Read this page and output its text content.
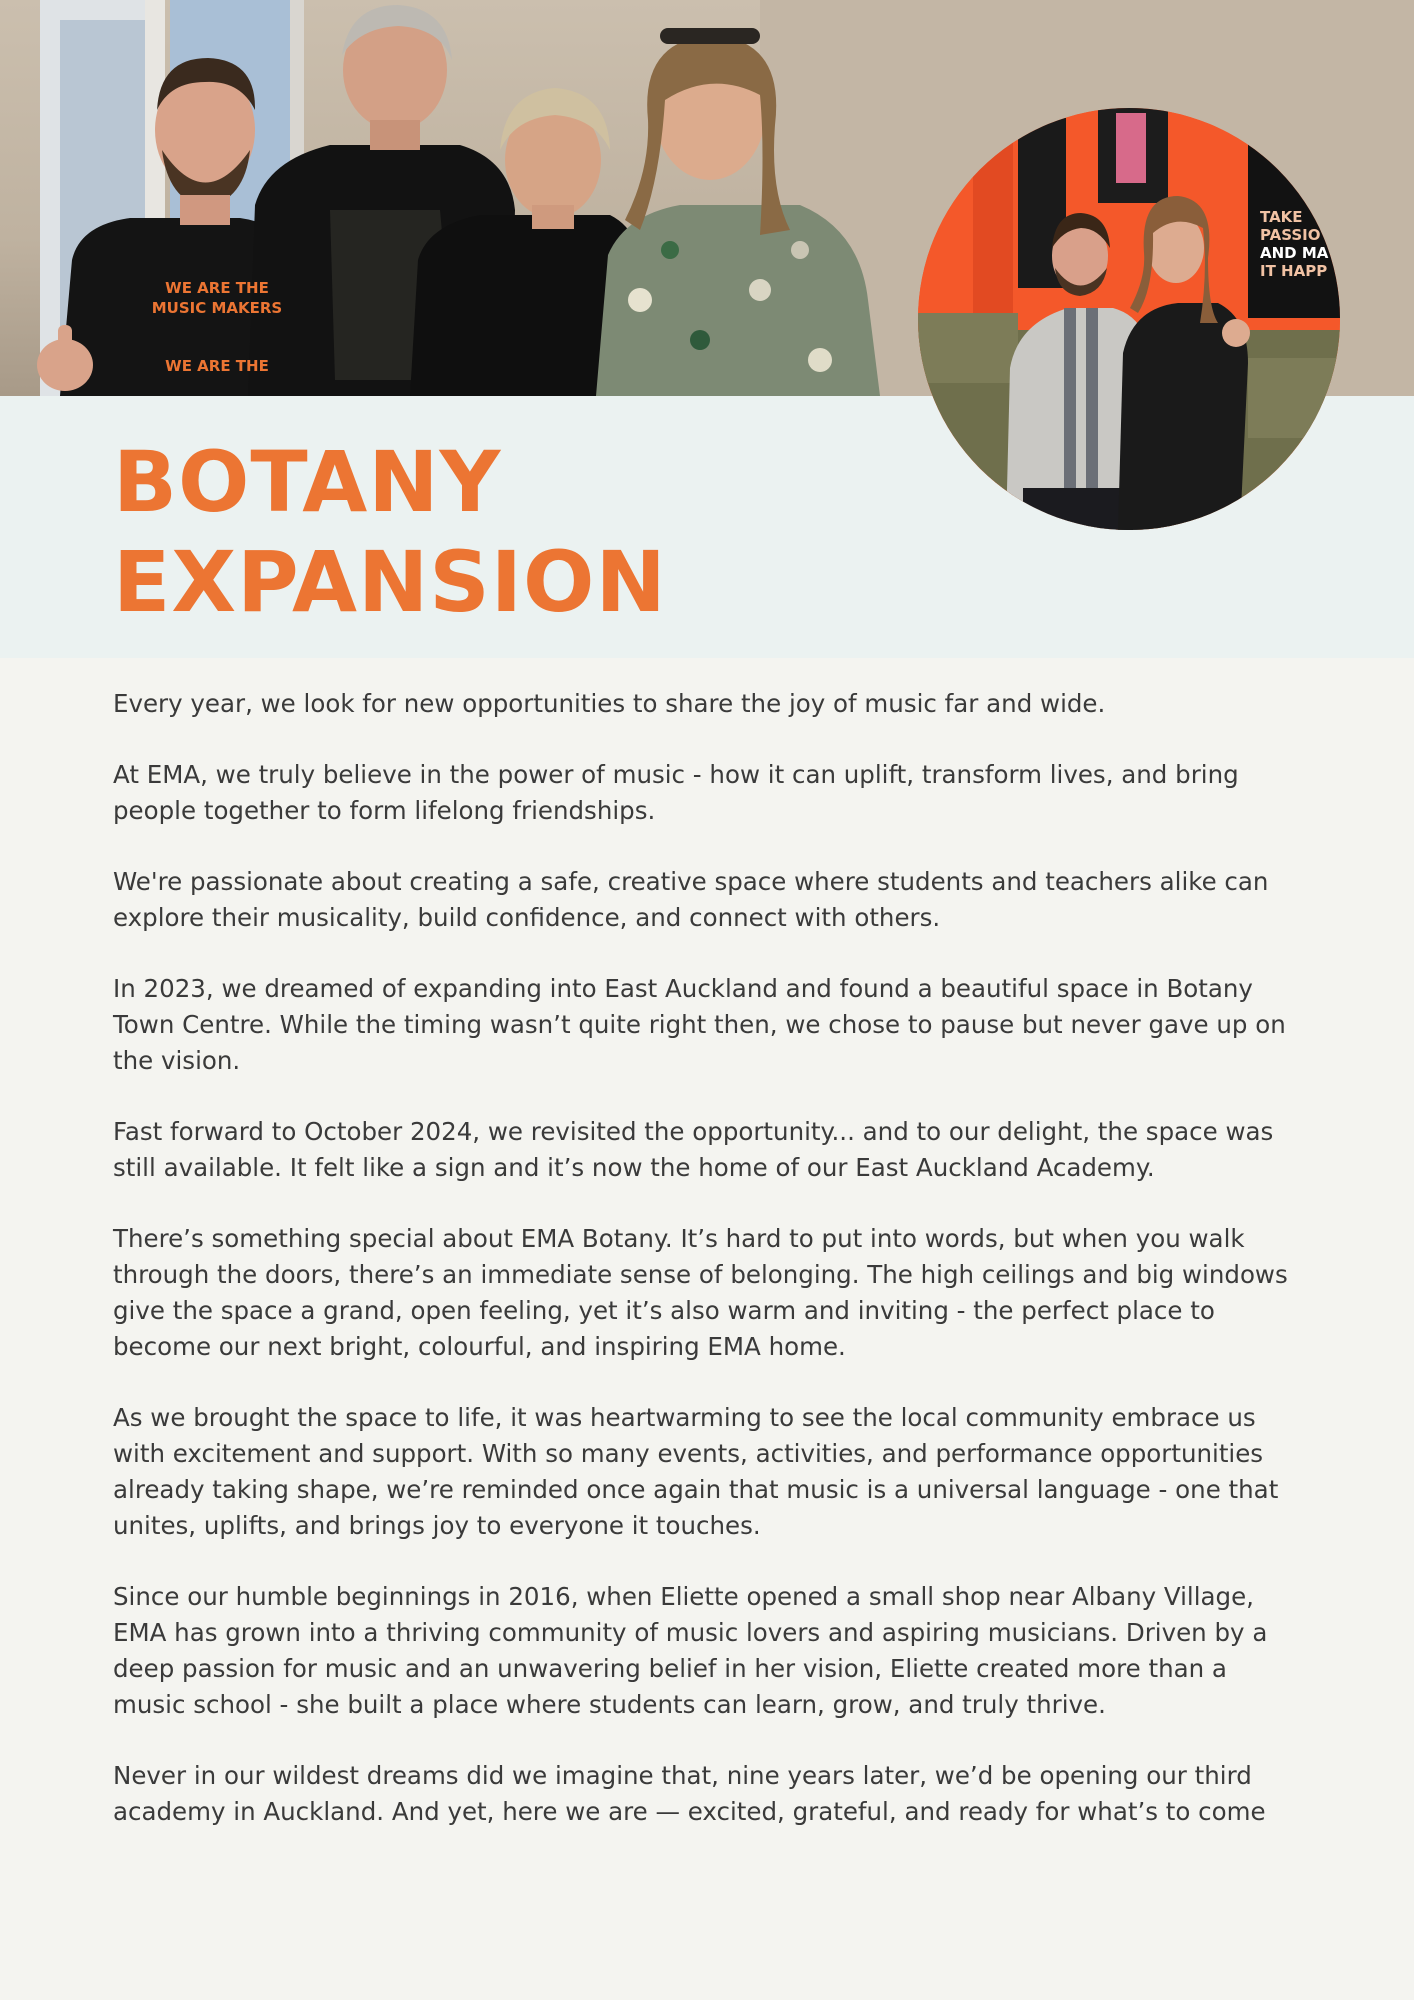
WE ARE THE
MUSIC MAKERS
WE ARE THE
BOTANY
EXPANSION
TAKE
PASSIO
AND MA
IT HAPP

Every year, we look for new opportunities to share the joy of music far and wide.

At EMA, we truly believe in the power of music - how it can uplift, transform lives, and bring people together to form lifelong friendships.

We're passionate about creating a safe, creative space where students and teachers alike can explore their musicality, build confidence, and connect with others.

In 2023, we dreamed of expanding into East Auckland and found a beautiful space in Botany Town Centre. While the timing wasn’t quite right then, we chose to pause but never gave up on the vision.

Fast forward to October 2024, we revisited the opportunity... and to our delight, the space was still available. It felt like a sign and it’s now the home of our East Auckland Academy.

There’s something special about EMA Botany. It’s hard to put into words, but when you walk through the doors, there’s an immediate sense of belonging. The high ceilings and big windows give the space a grand, open feeling, yet it’s also warm and inviting - the perfect place to become our next bright, colourful, and inspiring EMA home.

As we brought the space to life, it was heartwarming to see the local community embrace us with excitement and support. With so many events, activities, and performance opportunities already taking shape, we’re reminded once again that music is a universal language - one that unites, uplifts, and brings joy to everyone it touches.

Since our humble beginnings in 2016, when Eliette opened a small shop near Albany Village, EMA has grown into a thriving community of music lovers and aspiring musicians. Driven by a deep passion for music and an unwavering belief in her vision, Eliette created more than a music school - she built a place where students can learn, grow, and truly thrive.

Never in our wildest dreams did we imagine that, nine years later, we’d be opening our third academy in Auckland. And yet, here we are — excited, grateful, and ready for what’s to come
